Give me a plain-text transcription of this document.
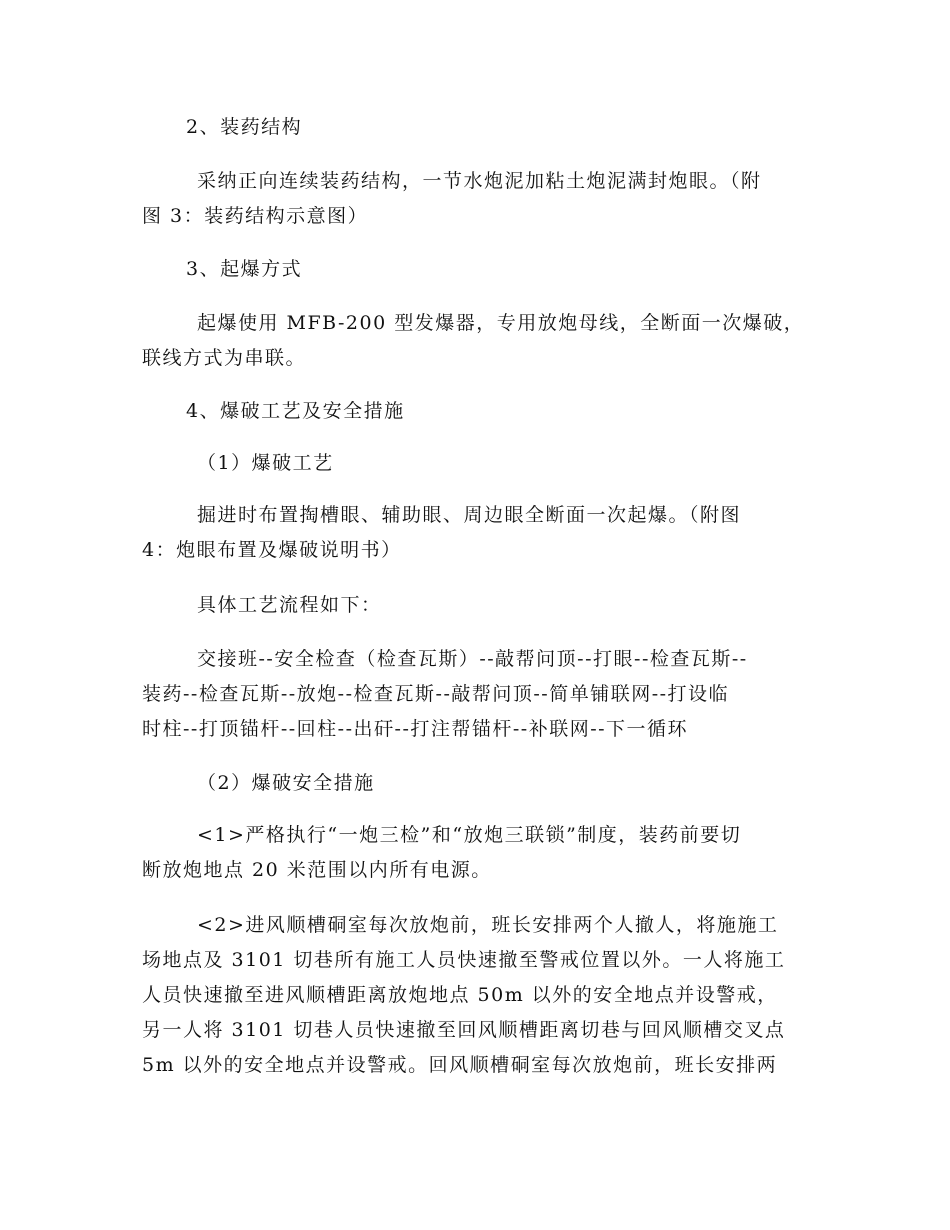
2、装药结构
采纳正向连续装药结构，一节水炮泥加粘土炮泥满封炮眼。（附
图 3：装药结构示意图）
3、起爆方式
起爆使用 MFB-200 型发爆器，专用放炮母线，全断面一次爆破，
联线方式为串联。
4、爆破工艺及安全措施
（1）爆破工艺
掘进时布置掏槽眼、辅助眼、周边眼全断面一次起爆。（附图
4：炮眼布置及爆破说明书）
具体工艺流程如下：
交接班--安全检查（检查瓦斯）--敲帮问顶--打眼--检查瓦斯--
装药--检查瓦斯--放炮--检查瓦斯--敲帮问顶--简单铺联网--打设临
时柱--打顶锚杆--回柱--出矸--打注帮锚杆--补联网--下一循环
（2）爆破安全措施
<1>严格执行“一炮三检”和“放炮三联锁”制度，装药前要切
断放炮地点 20 米范围以内所有电源。
<2>进风顺槽硐室每次放炮前，班长安排两个人撤人，将施施工
场地点及 3101 切巷所有施工人员快速撤至警戒位置以外。一人将施工
人员快速撤至进风顺槽距离放炮地点 50m 以外的安全地点并设警戒，
另一人将 3101 切巷人员快速撤至回风顺槽距离切巷与回风顺槽交叉点
5m 以外的安全地点并设警戒。回风顺槽硐室每次放炮前，班长安排两
